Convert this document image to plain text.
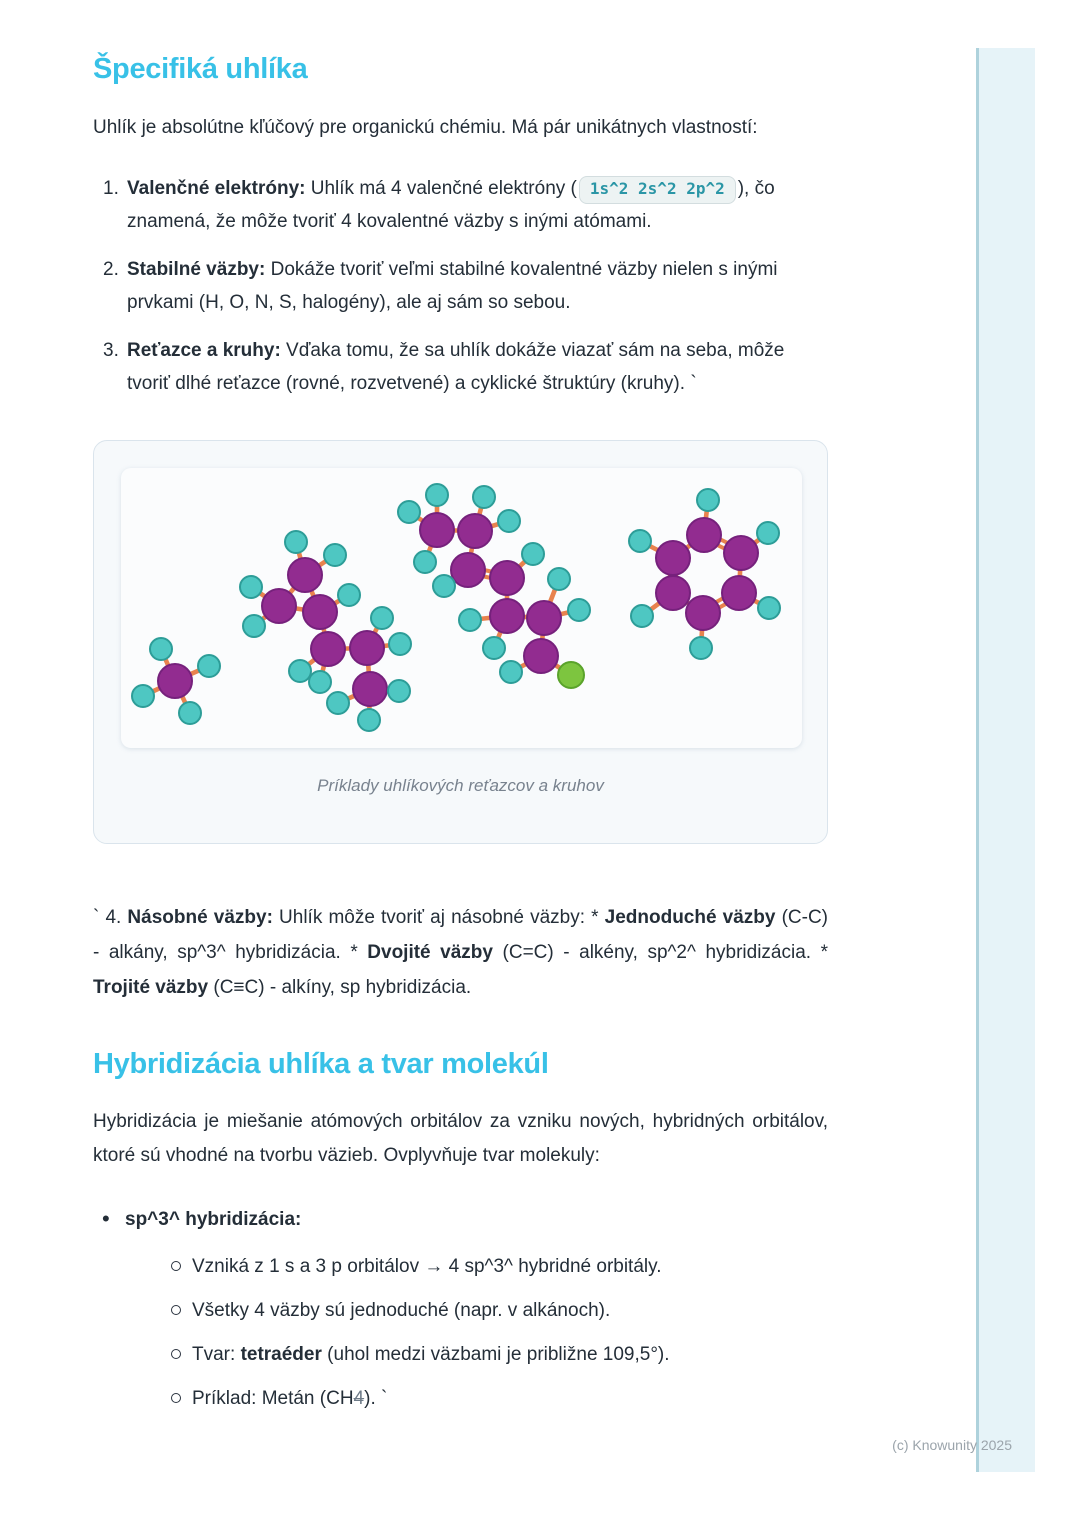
Špecifiká uhlíka

Uhlík je absolútne kľúčový pre organickú chémiu. Má pár unikátnych vlastností:

1. Valenčné elektróny: Uhlík má 4 valenčné elektróny ( 1s^2 2s^2 2p^2 ), čo znamená, že môže tvoriť 4 kovalentné väzby s inými atómami.
2. Stabilné väzby: Dokáže tvoriť veľmi stabilné kovalentné väzby nielen s inými prvkami (H, O, N, S, halogény), ale aj sám so sebou.
3. Reťazce a kruhy: Vďaka tomu, že sa uhlík dokáže viazať sám na seba, môže tvoriť dlhé reťazce (rovné, rozvetvené) a cyklické štruktúry (kruhy). `
Príklady uhlíkových reťazcov a kruhov

` 4. Násobné väzby: Uhlík môže tvoriť aj násobné väzby: * Jednoduché väzby (C-C) - alkány, sp^3^ hybridizácia. * Dvojité väzby (C=C) - alkény, sp^2^ hybridizácia. * Trojité väzby (C≡C) - alkíny, sp hybridizácia.

Hybridizácia uhlíka a tvar molekúl

Hybridizácia je miešanie atómových orbitálov za vzniku nových, hybridných orbitálov, ktoré sú vhodné na tvorbu väzieb. Ovplyvňuje tvar molekuly:

• sp^3^ hybridizácia:
Vzniká z 1 s a 3 p orbitálov → 4 sp^3^ hybridné orbitály.
Všetky 4 väzby sú jednoduché (napr. v alkánoch).
Tvar: tetraéder (uhol medzi väzbami je približne 109,5°).
Príklad: Metán (CH4). `
(c) Knowunity 2025
